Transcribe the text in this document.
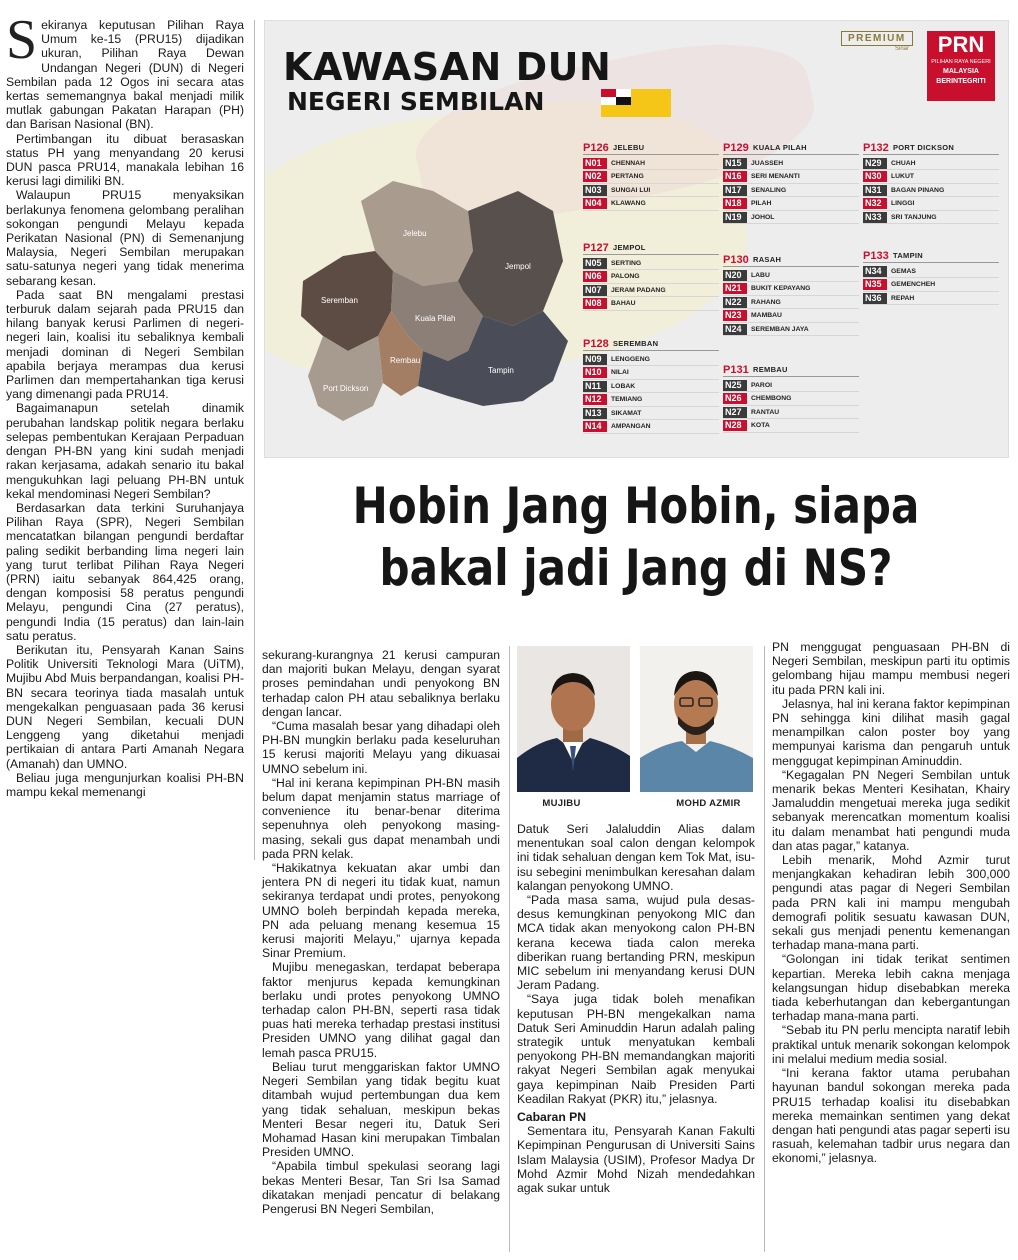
Sekiranya keputusan Pilihan Raya Umum ke-15 (PRU15) dijadikan ukuran, Pilihan Raya Dewan Undangan Negeri (DUN) di Negeri Sembilan pada 12 Ogos ini secara atas kertas sememangnya bakal menjadi milik mutlak gabungan Pakatan Harapan (PH) dan Barisan Nasional (BN).

Pertimbangan itu dibuat berasaskan status PH yang menyandang 20 kerusi DUN pasca PRU14, manakala lebihan 16 kerusi lagi dimiliki BN.

Walaupun PRU15 menyaksikan berlakunya fenomena gelombang peralihan sokongan pengundi Melayu kepada Perikatan Nasional (PN) di Semenanjung Malaysia, Negeri Sembilan merupakan satu-satunya negeri yang tidak menerima sebarang kesan.

Pada saat BN mengalami prestasi terburuk dalam sejarah pada PRU15 dan hilang banyak kerusi Parlimen di negeri-negeri lain, koalisi itu sebaliknya kembali menjadi dominan di Negeri Sembilan apabila berjaya merampas dua kerusi Parlimen dan mempertahankan tiga kerusi yang dimenangi pada PRU14.

Bagaimanapun setelah dinamik perubahan landskap politik negara berlaku selepas pembentukan Kerajaan Perpaduan dengan PH-BN yang kini sudah menjadi rakan kerjasama, adakah senario itu bakal mengukuhkan lagi peluang PH-BN untuk kekal mendominasi Negeri Sembilan?

Berdasarkan data terkini Suruhanjaya Pilihan Raya (SPR), Negeri Sembilan mencatatkan bilangan pengundi berdaftar paling sedikit berbanding lima negeri lain yang turut terlibat Pilihan Raya Negeri (PRN) iaitu sebanyak 864,425 orang, dengan komposisi 58 peratus pengundi Melayu, pengundi Cina (27 peratus), pengundi India (15 peratus) dan lain-lain satu peratus.

Berikutan itu, Pensyarah Kanan Sains Politik Universiti Teknologi Mara (UiTM), Mujibu Abd Muis berpandangan, koalisi PH-BN secara teorinya tiada masalah untuk mengekalkan penguasaan pada 36 kerusi DUN Negeri Sembilan, kecuali DUN Lenggeng yang diketahui menjadi pertikaian di antara Parti Amanah Negara (Amanah) dan UMNO.

Beliau juga mengunjurkan koalisi PH-BN mampu kekal memenangi

KAWASAN DUN
NEGERI SEMBILAN
PREMIUM
Sinar	PRN
PILIHAN RAYA NEGERI
MALAYSIA
BERINTEGRITI
Jelebu
Jempol
Seremban
Kuala Pilah
Rembau
Port Dickson
Tampin
P126 JELEBU
N01	CHENNAH
N02	PERTANG
N03	SUNGAI LUI
N04	KLAWANG
P127 JEMPOL
N05	SERTING
N06	PALONG
N07	JERAM PADANG
N08	BAHAU
P128 SEREMBAN
N09	LENGGENG
N10	NILAI
N11	LOBAK
N12	TEMIANG
N13	SIKAMAT
N14	AMPANGAN
P129 KUALA PILAH
N15	JUASSEH
N16	SERI MENANTI
N17	SENALING
N18	PILAH
N19	JOHOL
P130 RASAH
N20	LABU
N21	BUKIT KEPAYANG
N22	RAHANG
N23	MAMBAU
N24	SEREMBAN JAYA
P131 REMBAU
N25	PAROI
N26	CHEMBONG
N27	RANTAU
N28	KOTA
P132 PORT DICKSON
N29	CHUAH
N30	LUKUT
N31	BAGAN PINANG
N32	LINGGI
N33	SRI TANJUNG
P133 TAMPIN
N34	GEMAS
N35	GEMENCHEH
N36	REPAH
Hobin Jang Hobin, siapa
bakal jadi Jang di NS?
MUJIBU	MOHD AZMIR

sekurang-kurangnya 21 kerusi campuran dan majoriti bukan Melayu, dengan syarat proses pemindahan undi penyokong BN terhadap calon PH atau sebaliknya berlaku dengan lancar.

“Cuma masalah besar yang dihadapi oleh PH-BN mungkin berlaku pada keseluruhan 15 kerusi majoriti Melayu yang dikuasai UMNO sebelum ini.

“Hal ini kerana kepimpinan PH-BN masih belum dapat menjamin status marriage of convenience itu benar-benar diterima sepenuhnya oleh penyokong masing-masing, sekali gus dapat menambah undi pada PRN kelak.

“Hakikatnya kekuatan akar umbi dan jentera PN di negeri itu tidak kuat, namun sekiranya terdapat undi protes, penyokong UMNO boleh berpindah kepada mereka, PN ada peluang menang kesemua 15 kerusi majoriti Melayu,” ujarnya kepada Sinar Premium.

Mujibu menegaskan, terdapat beberapa faktor menjurus kepada kemungkinan berlaku undi protes penyokong UMNO terhadap calon PH-BN, seperti rasa tidak puas hati mereka terhadap prestasi institusi Presiden UMNO yang dilihat gagal dan lemah pasca PRU15.

Beliau turut menggariskan faktor UMNO Negeri Sembilan yang tidak begitu kuat ditambah wujud pertembungan dua kem yang tidak sehaluan, meskipun bekas Menteri Besar negeri itu, Datuk Seri Mohamad Hasan kini merupakan Timbalan Presiden UMNO.

“Apabila timbul spekulasi seorang lagi bekas Menteri Besar, Tan Sri Isa Samad dikatakan menjadi pencatur di belakang Pengerusi BN Negeri Sembilan,

Datuk Seri Jalaluddin Alias dalam menentukan soal calon dengan kelompok ini tidak sehaluan dengan kem Tok Mat, isu-isu sebegini menimbulkan keresahan dalam kalangan penyokong UMNO.

“Pada masa sama, wujud pula desas-desus kemungkinan penyokong MIC dan MCA tidak akan menyokong calon PH-BN kerana kecewa tiada calon mereka diberikan ruang bertanding PRN, meskipun MIC sebelum ini menyandang kerusi DUN Jeram Padang.

“Saya juga tidak boleh menafikan keputusan PH-BN mengekalkan nama Datuk Seri Aminuddin Harun adalah paling strategik untuk menyatukan kembali penyokong PH-BN memandangkan majoriti rakyat Negeri Sembilan agak menyukai gaya kepimpinan Naib Presiden Parti Keadilan Rakyat (PKR) itu,” jelasnya.

Cabaran PN

Sementara itu, Pensyarah Kanan Fakulti Kepimpinan Pengurusan di Universiti Sains Islam Malaysia (USIM), Profesor Madya Dr Mohd Azmir Mohd Nizah mendedahkan agak sukar untuk

PN menggugat penguasaan PH-BN di Negeri Sembilan, meskipun parti itu optimis gelombang hijau mampu membusi negeri itu pada PRN kali ini.

Jelasnya, hal ini kerana faktor kepimpinan PN sehingga kini dilihat masih gagal menampilkan calon poster boy yang mempunyai karisma dan pengaruh untuk menggugat kepimpinan Aminuddin.

“Kegagalan PN Negeri Sembilan untuk menarik bekas Menteri Kesihatan, Khairy Jamaluddin mengetuai mereka juga sedikit sebanyak merencatkan momentum koalisi itu dalam menambat hati pengundi muda dan atas pagar,” katanya.

Lebih menarik, Mohd Azmir turut menjangkakan kehadiran lebih 300,000 pengundi atas pagar di Negeri Sembilan pada PRN kali ini mampu mengubah demografi politik sesuatu kawasan DUN, sekali gus menjadi penentu kemenangan terhadap mana-mana parti.

“Golongan ini tidak terikat sentimen kepartian. Mereka lebih cakna menjaga kelangsungan hidup disebabkan mereka tiada keberhutangan dan kebergantungan terhadap mana-mana parti.

“Sebab itu PN perlu mencipta naratif lebih praktikal untuk menarik sokongan kelompok ini melalui medium media sosial.

“Ini kerana faktor utama perubahan hayunan bandul sokongan mereka pada PRU15 terhadap koalisi itu disebabkan mereka memainkan sentimen yang dekat dengan hati pengundi atas pagar seperti isu rasuah, kelemahan tadbir urus negara dan ekonomi,” jelasnya.
